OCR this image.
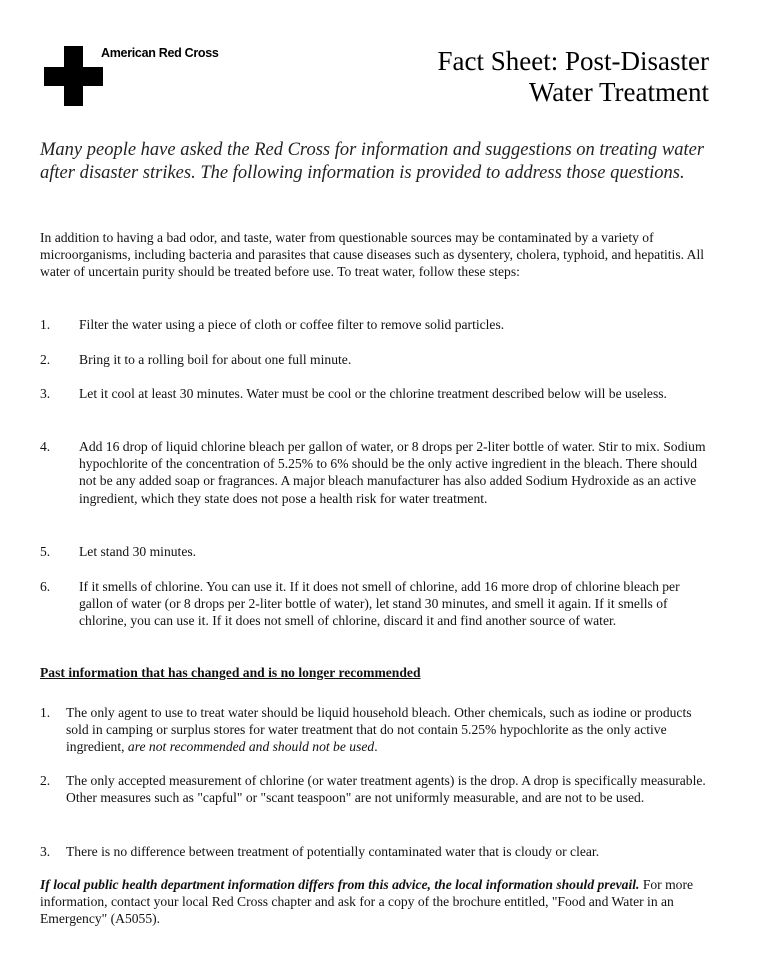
American Red Cross	Fact Sheet: Post-Disaster
Water Treatment
Many people have asked the Red Cross for information and suggestions on treating water after disaster strikes. The following information is provided to address those questions.
In addition to having a bad odor, and taste, water from questionable sources may be contaminated by a variety of microorganisms, including bacteria and parasites that cause diseases such as dysentery, cholera, typhoid, and hepatitis. All water of uncertain purity should be treated before use. To treat water, follow these steps:
1. Filter the water using a piece of cloth or coffee filter to remove solid particles.
2. Bring it to a rolling boil for about one full minute.
3. Let it cool at least 30 minutes. Water must be cool or the chlorine treatment described below will be useless.
4. Add 16 drop of liquid chlorine bleach per gallon of water, or 8 drops per 2-liter bottle of water. Stir to mix. Sodium hypochlorite of the concentration of 5.25% to 6% should be the only active ingredient in the bleach. There should not be any added soap or fragrances. A major bleach manufacturer has also added Sodium Hydroxide as an active ingredient, which they state does not pose a health risk for water treatment.
5. Let stand 30 minutes.
6. If it smells of chlorine. You can use it. If it does not smell of chlorine, add 16 more drop of chlorine bleach per gallon of water (or 8 drops per 2-liter bottle of water), let stand 30 minutes, and smell it again. If it smells of chlorine, you can use it. If it does not smell of chlorine, discard it and find another source of water.
Past information that has changed and is no longer recommended
1. The only agent to use to treat water should be liquid household bleach. Other chemicals, such as iodine or products sold in camping or surplus stores for water treatment that do not contain 5.25% hypochlorite as the only active ingredient, are not recommended and should not be used.
2. The only accepted measurement of chlorine (or water treatment agents) is the drop. A drop is specifically measurable. Other measures such as "capful" or "scant teaspoon" are not uniformly measurable, and are not to be used.
3. There is no difference between treatment of potentially contaminated water that is cloudy or clear.
If local public health department information differs from this advice, the local information should prevail. For more information, contact your local Red Cross chapter and ask for a copy of the brochure entitled, "Food and Water in an Emergency" (A5055).
